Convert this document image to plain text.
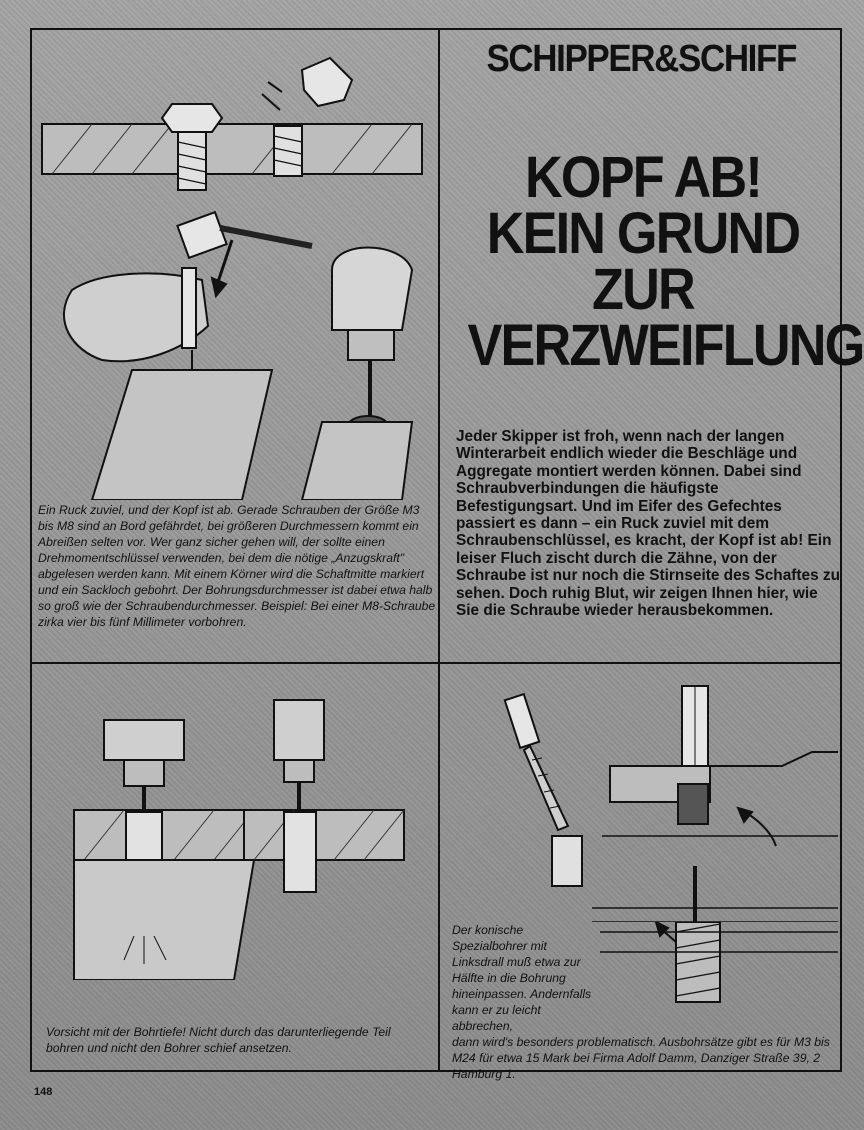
Ein Ruck zuviel, und der Kopf ist ab. Gerade Schrauben der Größe M3 bis M8 sind an Bord gefährdet, bei größeren Durchmessern kommt ein Abreißen selten vor. Wer ganz sicher gehen will, der sollte einen Drehmomentschlüssel verwenden, bei dem die nötige „Anzugskraft" abgelesen werden kann. Mit einem Körner wird die Schaftmitte markiert und ein Sackloch gebohrt. Der Bohrungsdurchmesser ist dabei etwa halb so groß wie der Schraubendurchmesser. Beispiel: Bei einer M8-Schraube zirka vier bis fünf Millimeter vorbohren.

SCHIPPER&SCHIFF
KOPF AB!
KEIN GRUND
ZUR
VERZWEIFLUNG

Jeder Skipper ist froh, wenn nach der langen Winterarbeit endlich wieder die Beschläge und Aggregate montiert werden können. Dabei sind Schraubverbindungen die häufigste Befestigungsart. Und im Eifer des Gefechtes passiert es dann – ein Ruck zuviel mit dem Schraubenschlüssel, es kracht, der Kopf ist ab! Ein leiser Fluch zischt durch die Zähne, von der Schraube ist nur noch die Stirnseite des Schaftes zu sehen. Doch ruhig Blut, wir zeigen Ihnen hier, wie Sie die Schraube wieder herausbekommen.

Vorsicht mit der Bohrtiefe! Nicht durch das darunterliegende Teil bohren und nicht den Bohrer schief ansetzen.

Der konische Spezialbohrer mit Linksdrall muß etwa zur Hälfte in die Bohrung hineinpassen. Andernfalls kann er zu leicht abbrechen,
dann wird's besonders problematisch. Ausbohrsätze gibt es für M3 bis M24 für etwa 15 Mark bei Firma Adolf Damm, Danziger Straße 39, 2 Hamburg 1.

148
